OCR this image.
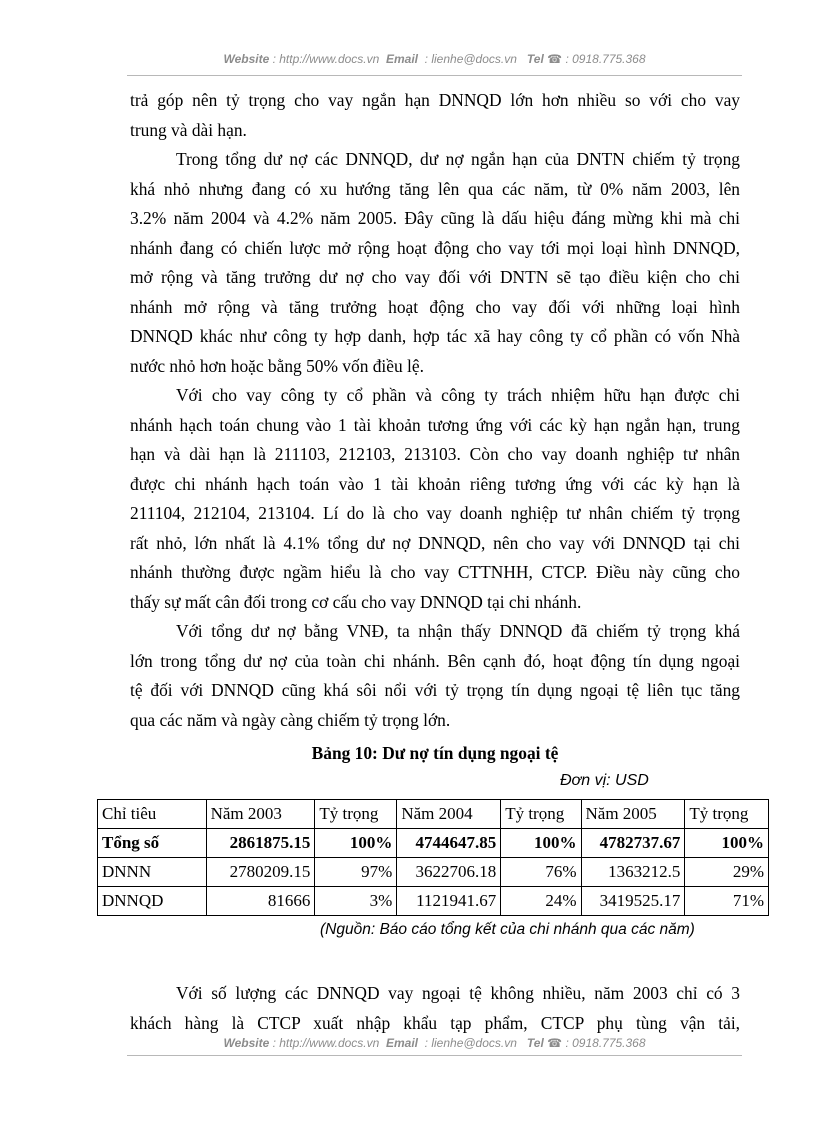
Website : http://www.docs.vn Email : lienhe@docs.vn Tel ☎ : 0918.775.368

trả góp nên tỷ trọng cho vay ngắn hạn DNNQD lớn hơn nhiều so với cho vay
trung và dài hạn.

Trong tổng dư nợ các DNNQD, dư nợ ngắn hạn của DNTN chiếm tỷ trọng
khá nhỏ nhưng đang có xu hướng tăng lên qua các năm, từ 0% năm 2003, lên
3.2% năm 2004 và 4.2% năm 2005. Đây cũng là dấu hiệu đáng mừng khi mà chi
nhánh đang có chiến lược mở rộng hoạt động cho vay tới mọi loại hình DNNQD,
mở rộng và tăng trưởng dư nợ cho vay đối với DNTN sẽ tạo điều kiện cho chi
nhánh mở rộng và tăng trưởng hoạt động cho vay đối với những loại hình
DNNQD khác như công ty hợp danh, hợp tác xã hay công ty cổ phần có vốn Nhà
nước nhỏ hơn hoặc bằng 50% vốn điều lệ.

Với cho vay công ty cổ phần và công ty trách nhiệm hữu hạn được chi
nhánh hạch toán chung vào 1 tài khoản tương ứng với các kỳ hạn ngắn hạn, trung
hạn và dài hạn là 211103, 212103, 213103. Còn cho vay doanh nghiệp tư nhân
được chi nhánh hạch toán vào 1 tài khoản riêng tương ứng với các kỳ hạn là
211104, 212104, 213104. Lí do là cho vay doanh nghiệp tư nhân chiếm tỷ trọng
rất nhỏ, lớn nhất là 4.1% tổng dư nợ DNNQD, nên cho vay với DNNQD tại chi
nhánh thường được ngầm hiểu là cho vay CTTNHH, CTCP. Điều này cũng cho
thấy sự mất cân đối trong cơ cấu cho vay DNNQD tại chi nhánh.

Với tổng dư nợ bằng VNĐ, ta nhận thấy DNNQD đã chiếm tỷ trọng khá
lớn trong tổng dư nợ của toàn chi nhánh. Bên cạnh đó, hoạt động tín dụng ngoại
tệ đối với DNNQD cũng khá sôi nổi với tỷ trọng tín dụng ngoại tệ liên tục tăng
qua các năm và ngày càng chiếm tỷ trọng lớn.

Bảng 10: Dư nợ tín dụng ngoại tệ
Đơn vị: USD
Chỉ tiêu	Năm 2003	Tỷ trọng	Năm 2004	Tỷ trọng	Năm 2005	Tỷ trọng
Tổng số	2861875.15	100%	4744647.85	100%	4782737.67	100%
DNNN	2780209.15	97%	3622706.18	76%	1363212.5	29%
DNNQD	81666	3%	1121941.67	24%	3419525.17	71%
(Nguồn: Báo cáo tổng kết của chi nhánh qua các năm)
Với số lượng các DNNQD vay ngoại tệ không nhiều, năm 2003 chỉ có 3
khách hàng là CTCP xuất nhập khẩu tạp phẩm, CTCP phụ tùng vận tải,
Website : http://www.docs.vn Email : lienhe@docs.vn Tel ☎ : 0918.775.368
